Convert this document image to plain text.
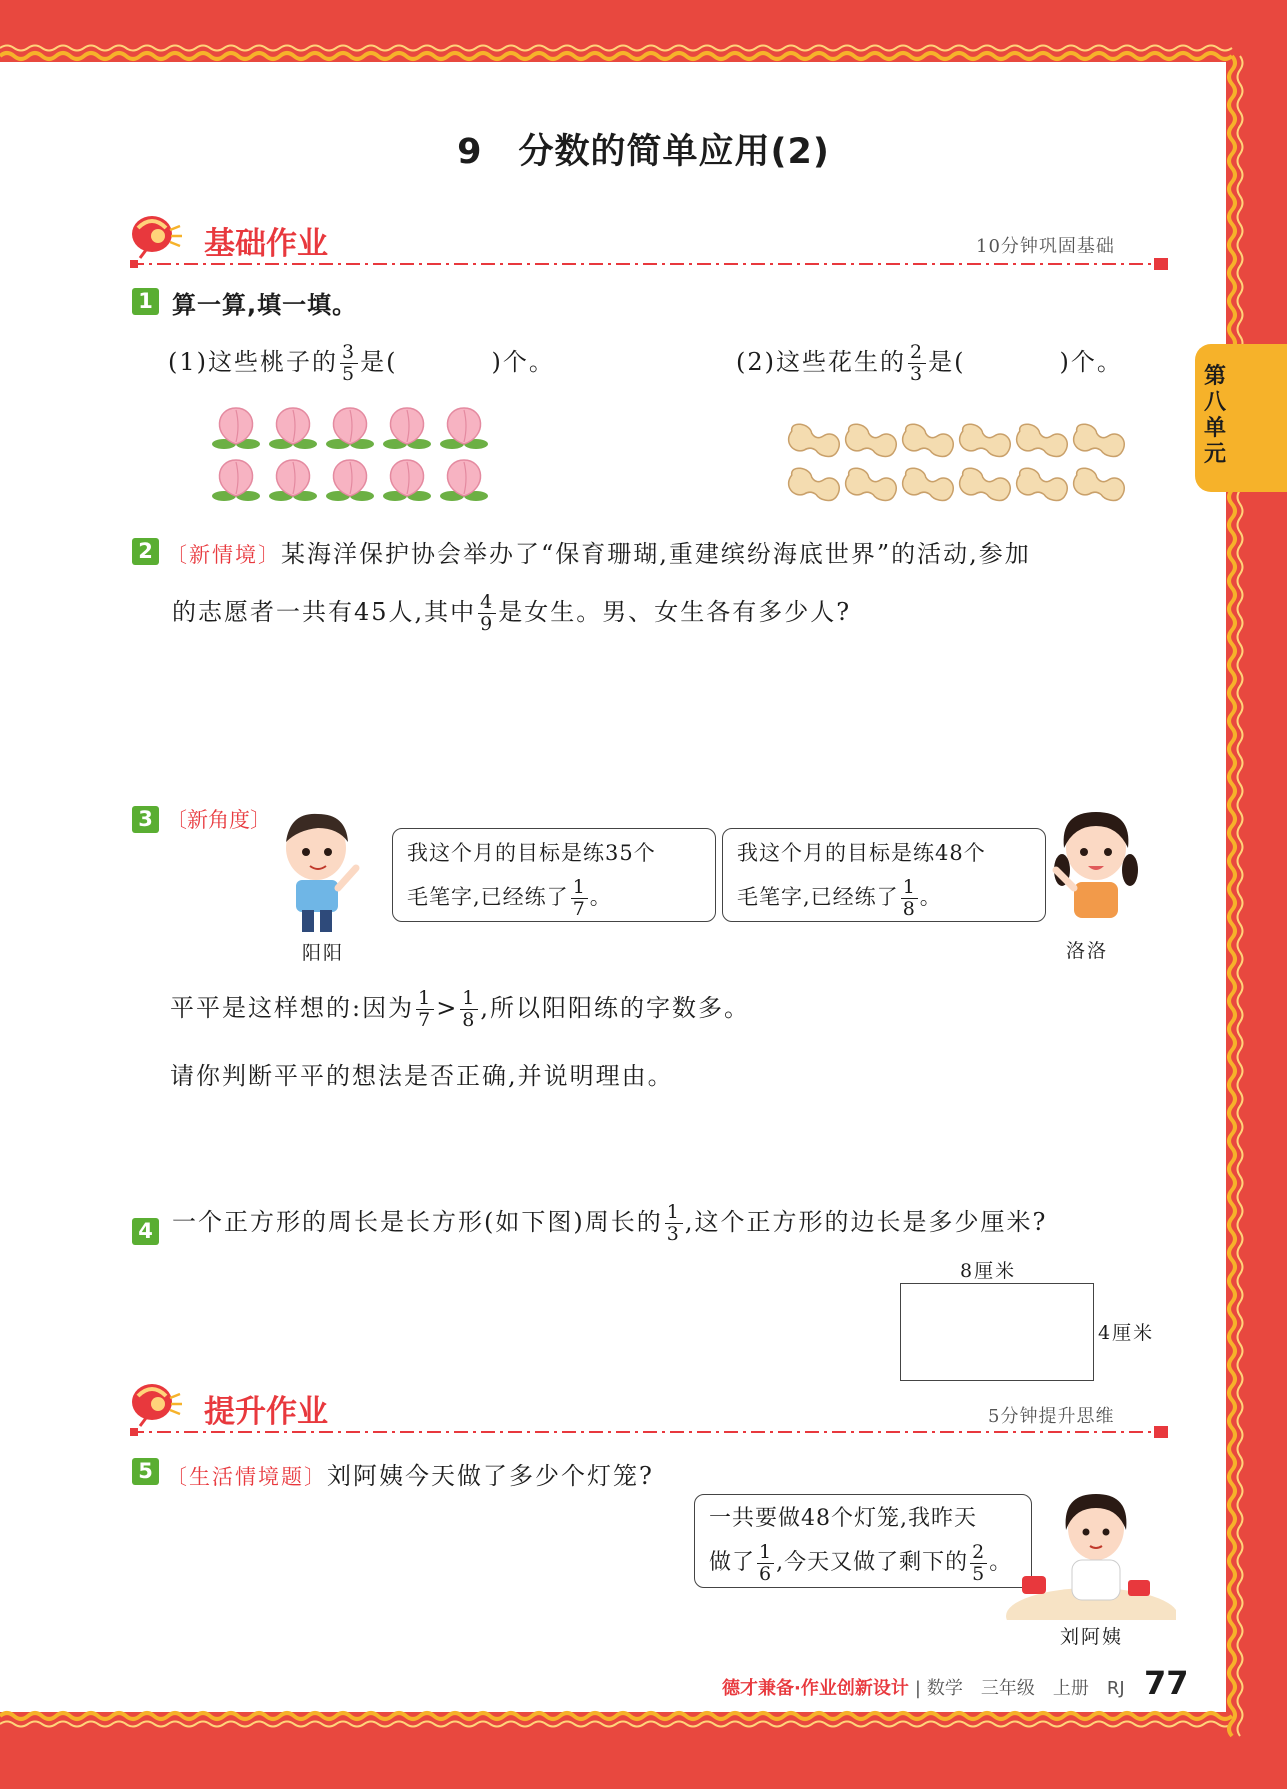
第八单元
9　分数的简单应用(2)
基础作业	10分钟巩固基础
1 算一算,填一填。
(1)这些桃子的 $\frac{3}{5}$ 是(	)个。	(2)这些花生的 $\frac{2}{3}$ 是(	)个。
2 〔新情境〕某海洋保护协会举办了“保育珊瑚,重建缤纷海底世界”的活动,参加
的志愿者一共有45人,其中 $\frac{4}{9}$ 是女生。男、女生各有多少人?
3 〔新角度〕
阳阳
我这个月的目标是练35个
毛笔字,已经练了 $\frac{1}{7}$ 。
我这个月的目标是练48个
毛笔字,已经练了 $\frac{1}{8}$ 。
洛洛
平平是这样想的:因为 $\frac{1}{7} > \frac{1}{8}$ ,所以阳阳练的字数多。
请你判断平平的想法是否正确,并说明理由。
4 一个正方形的周长是长方形(如下图)周长的 $\frac{1}{3}$ ,这个正方形的边长是多少厘米?
8厘米
4厘米
提升作业	5分钟提升思维
5 〔生活情境题〕刘阿姨今天做了多少个灯笼?
一共要做48个灯笼,我昨天
做了 $\frac{1}{6}$ ,今天又做了剩下的 $\frac{2}{5}$ 。
刘阿姨
德才兼备·作业创新设计 | 数学　三年级　上册　RJ 77
